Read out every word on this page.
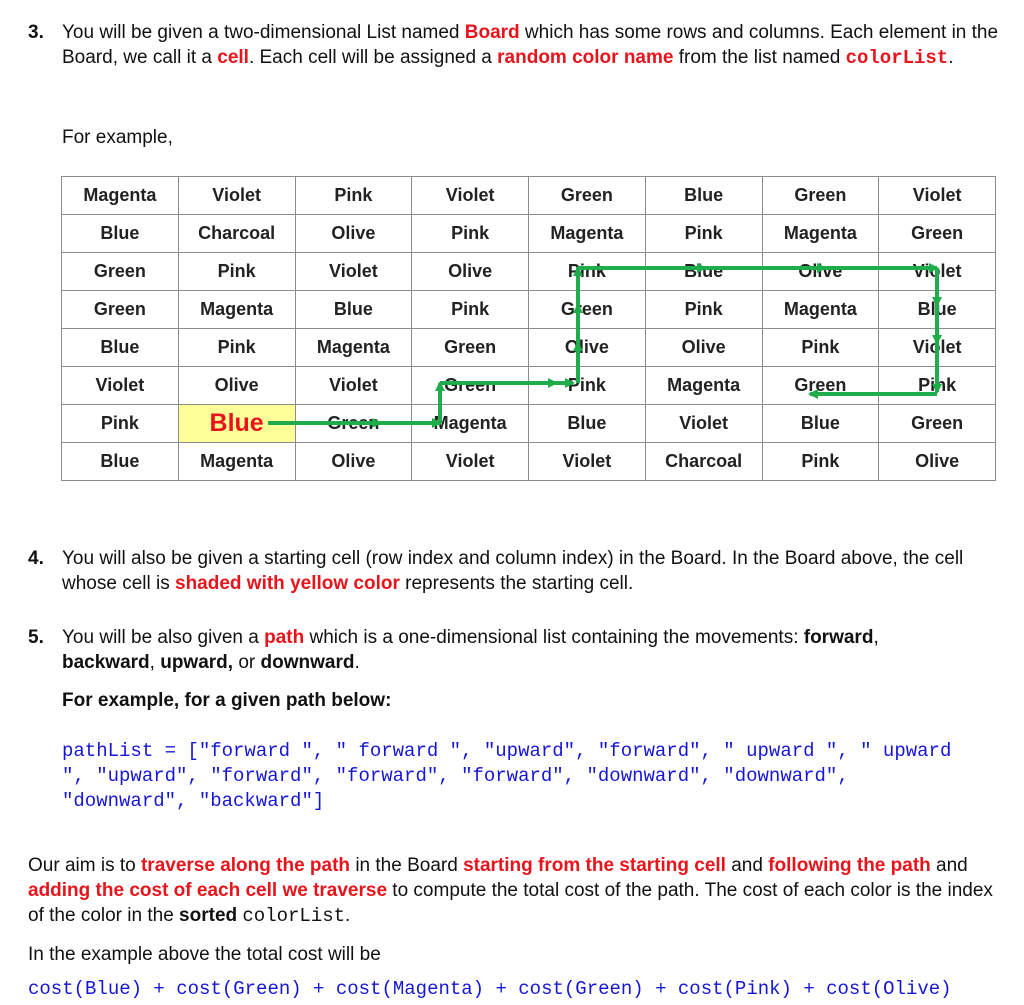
3. You will be given a two-dimensional List named Board which has some rows and columns. Each element in the Board, we call it a cell. Each cell will be assigned a random color name from the list named colorList.
For example,
Magenta	Violet	Pink	Violet	Green	Blue	Green	Violet
Blue	Charcoal	Olive	Pink	Magenta	Pink	Magenta	Green
Green	Pink	Violet	Olive	Pink	Blue	Olive	Violet
Green	Magenta	Blue	Pink	Green	Pink	Magenta	Blue
Blue	Pink	Magenta	Green	Olive	Olive	Pink	Violet
Violet	Olive	Violet	Green	Pink	Magenta	Green	Pink
Pink	Blue	Green	Magenta	Blue	Violet	Blue	Green
Blue	Magenta	Olive	Violet	Violet	Charcoal	Pink	Olive
4. You will also be given a starting cell (row index and column index) in the Board. In the Board above, the cell whose cell is shaded with yellow color represents the starting cell.
5. You will be also given a path which is a one-dimensional list containing the movements: forward,
backward, upward, or downward.
For example, for a given path below:
pathList = ["forward ", " forward ", "upward", "forward", " upward ", " upward
", "upward", "forward", "forward", "forward", "downward", "downward",
"downward", "backward"]
Our aim is to traverse along the path in the Board starting from the starting cell and following the path and adding the cost of each cell we traverse to compute the total cost of the path. The cost of each color is the index of the color in the sorted colorList.
In the example above the total cost will be
cost(Blue) + cost(Green) + cost(Magenta) + cost(Green) + cost(Pink) + cost(Olive)
